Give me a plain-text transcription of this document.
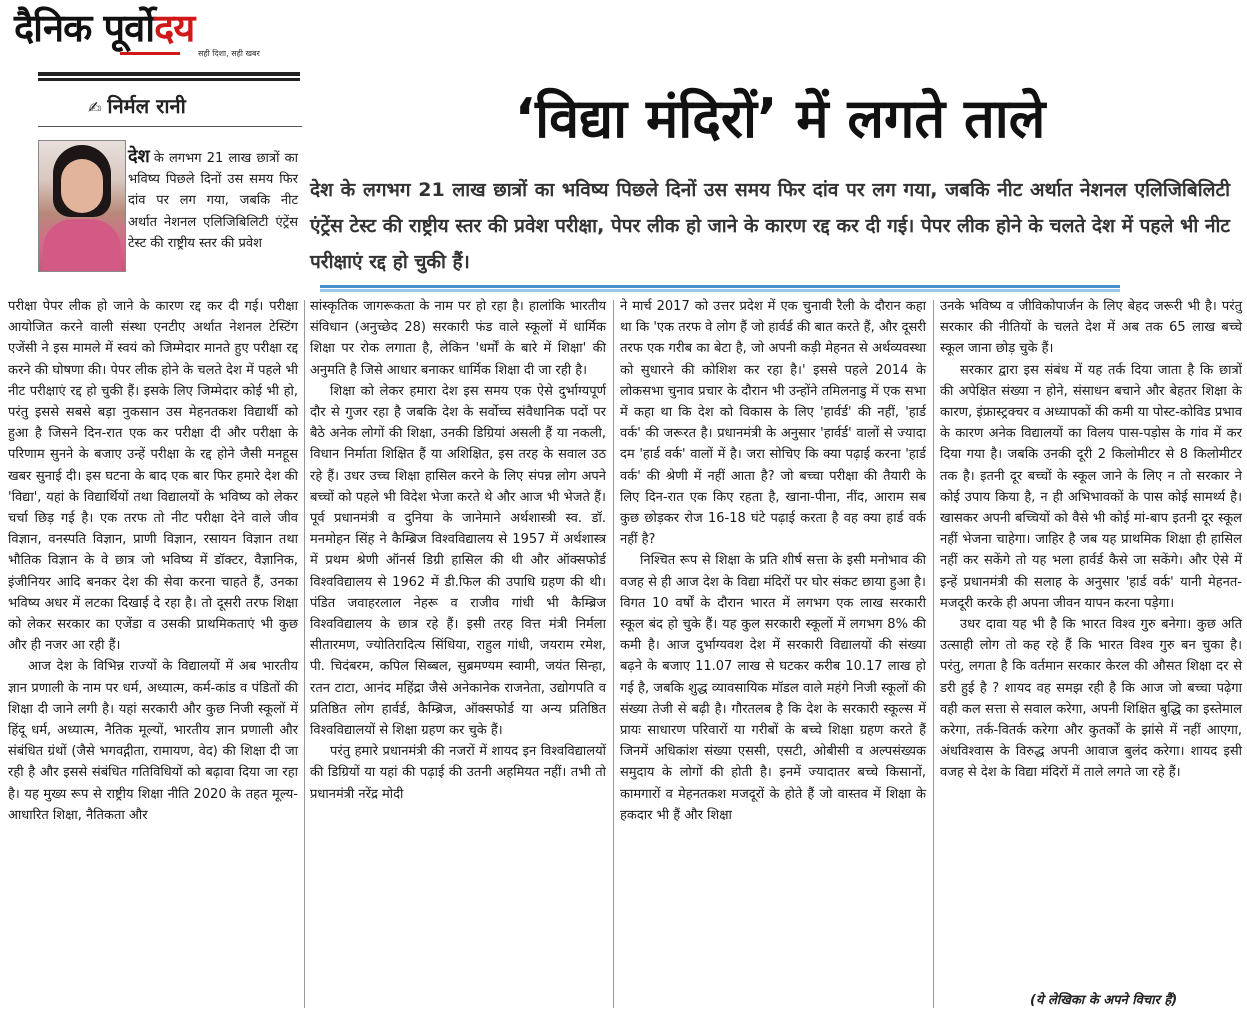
दैनिक पूर्वोदय
सही दिशा, सही खबर
✍ निर्मल रानी
देश के लगभग 21 लाख छात्रों का भविष्य पिछले दिनों उस समय फिर दांव पर लग गया, जबकि नीट अर्थात नेशनल एलिजिबिलिटी एंट्रेंस टेस्ट की राष्ट्रीय स्तर की प्रवेश
‘विद्या मंदिरों’ में लगते ताले
देश के लगभग 21 लाख छात्रों का भविष्य पिछले दिनों उस समय फिर दांव पर लग गया, जबकि नीट अर्थात नेशनल एलिजिबिलिटी एंट्रेंस टेस्ट की राष्ट्रीय स्तर की प्रवेश परीक्षा, पेपर लीक हो जाने के कारण रद्द कर दी गई। पेपर लीक होने के चलते देश में पहले भी नीट परीक्षाएं रद्द हो चुकी हैं।

परीक्षा पेपर लीक हो जाने के कारण रद्द कर दी गई। परीक्षा आयोजित करने वाली संस्था एनटीए अर्थात नेशनल टेस्टिंग एजेंसी ने इस मामले में स्वयं को जिम्मेदार मानते हुए परीक्षा रद्द करने की घोषणा की। पेपर लीक होने के चलते देश में पहले भी नीट परीक्षाएं रद्द हो चुकी हैं। इसके लिए जिम्मेदार कोई भी हो, परंतु इससे सबसे बड़ा नुकसान उस मेहनतकश विद्यार्थी को हुआ है जिसने दिन-रात एक कर परीक्षा दी और परीक्षा के परिणाम सुनने के बजाए उन्हें परीक्षा के रद्द होने जैसी मनहूस खबर सुनाई दी। इस घटना के बाद एक बार फिर हमारे देश की 'विद्या', यहां के विद्यार्थियों तथा विद्यालयों के भविष्य को लेकर चर्चा छिड़ गई है। एक तरफ तो नीट परीक्षा देने वाले जीव विज्ञान, वनस्पति विज्ञान, प्राणी विज्ञान, रसायन विज्ञान तथा भौतिक विज्ञान के वे छात्र जो भविष्य में डॉक्टर, वैज्ञानिक, इंजीनियर आदि बनकर देश की सेवा करना चाहते हैं, उनका भविष्य अधर में लटका दिखाई दे रहा है। तो दूसरी तरफ शिक्षा को लेकर सरकार का एजेंडा व उसकी प्राथमिकताएं भी कुछ और ही नजर आ रही हैं।

आज देश के विभिन्न राज्यों के विद्यालयों में अब भारतीय ज्ञान प्रणाली के नाम पर धर्म, अध्यात्म, कर्म-कांड व पंडितों की शिक्षा दी जाने लगी है। यहां सरकारी और कुछ निजी स्कूलों में हिंदू धर्म, अध्यात्म, नैतिक मूल्यों, भारतीय ज्ञान प्रणाली और संबंधित ग्रंथों (जैसे भगवद्गीता, रामायण, वेद) की शिक्षा दी जा रही है और इससे संबंधित गतिविधियों को बढ़ावा दिया जा रहा है। यह मुख्य रूप से राष्ट्रीय शिक्षा नीति 2020 के तहत मूल्य-आधारित शिक्षा, नैतिकता और

सांस्कृतिक जागरूकता के नाम पर हो रहा है। हालांकि भारतीय संविधान (अनुच्छेद 28) सरकारी फंड वाले स्कूलों में धार्मिक शिक्षा पर रोक लगाता है, लेकिन 'धर्मों के बारे में शिक्षा' की अनुमति है जिसे आधार बनाकर धार्मिक शिक्षा दी जा रही है।

शिक्षा को लेकर हमारा देश इस समय एक ऐसे दुर्भाग्यपूर्ण दौर से गुजर रहा है जबकि देश के सर्वोच्च संवैधानिक पदों पर बैठे अनेक लोगों की शिक्षा, उनकी डिग्रियां असली हैं या नकली, विधान निर्माता शिक्षित हैं या अशिक्षित, इस तरह के सवाल उठ रहे हैं। उधर उच्च शिक्षा हासिल करने के लिए संपन्न लोग अपने बच्चों को पहले भी विदेश भेजा करते थे और आज भी भेजते हैं। पूर्व प्रधानमंत्री व दुनिया के जानेमाने अर्थशास्त्री स्व. डॉ. मनमोहन सिंह ने कैम्ब्रिज विश्वविद्यालय से 1957 में अर्थशास्त्र में प्रथम श्रेणी ऑनर्स डिग्री हासिल की थी और ऑक्सफोर्ड विश्वविद्यालय से 1962 में डी.फिल की उपाधि ग्रहण की थी। पंडित जवाहरलाल नेहरू व राजीव गांधी भी कैम्ब्रिज विश्वविद्यालय के छात्र रहे हैं। इसी तरह वित्त मंत्री निर्मला सीतारमण, ज्योतिरादित्य सिंधिया, राहुल गांधी, जयराम रमेश, पी. चिदंबरम, कपिल सिब्बल, सुब्रमण्यम स्वामी, जयंत सिन्हा, रतन टाटा, आनंद महिंद्रा जैसे अनेकानेक राजनेता, उद्योगपति व प्रतिष्ठित लोग हार्वर्ड, कैम्ब्रिज, ऑक्सफोर्ड या अन्य प्रतिष्ठित विश्वविद्यालयों से शिक्षा ग्रहण कर चुके हैं।

परंतु हमारे प्रधानमंत्री की नजरों में शायद इन विश्वविद्यालयों की डिग्रियों या यहां की पढ़ाई की उतनी अहमियत नहीं। तभी तो प्रधानमंत्री नरेंद्र मोदी

ने मार्च 2017 को उत्तर प्रदेश में एक चुनावी रैली के दौरान कहा था कि 'एक तरफ वे लोग हैं जो हार्वर्ड की बात करते हैं, और दूसरी तरफ एक गरीब का बेटा है, जो अपनी कड़ी मेहनत से अर्थव्यवस्था को सुधारने की कोशिश कर रहा है।' इससे पहले 2014 के लोकसभा चुनाव प्रचार के दौरान भी उन्होंने तमिलनाडु में एक सभा में कहा था कि देश को विकास के लिए 'हार्वर्ड' की नहीं, 'हार्ड वर्क' की जरूरत है। प्रधानमंत्री के अनुसार 'हार्वर्ड' वालों से ज्यादा दम 'हार्ड वर्क' वालों में है। जरा सोचिए कि क्या पढ़ाई करना 'हार्ड वर्क' की श्रेणी में नहीं आता है? जो बच्चा परीक्षा की तैयारी के लिए दिन-रात एक किए रहता है, खाना-पीना, नींद, आराम सब कुछ छोड़कर रोज 16-18 घंटे पढ़ाई करता है वह क्या हार्ड वर्क नहीं है?

निश्चित रूप से शिक्षा के प्रति शीर्ष सत्ता के इसी मनोभाव की वजह से ही आज देश के विद्या मंदिरों पर घोर संकट छाया हुआ है। विगत 10 वर्षों के दौरान भारत में लगभग एक लाख सरकारी स्कूल बंद हो चुके हैं। यह कुल सरकारी स्कूलों में लगभग 8% की कमी है। आज दुर्भाग्यवश देश में सरकारी विद्यालयों की संख्या बढ़ने के बजाए 11.07 लाख से घटकर करीब 10.17 लाख हो गई है, जबकि शुद्ध व्यावसायिक मॉडल वाले महंगे निजी स्कूलों की संख्या तेजी से बढ़ी है। गौरतलब है कि देश के सरकारी स्कूल्स में प्रायः साधारण परिवारों या गरीबों के बच्चे शिक्षा ग्रहण करते हैं जिनमें अधिकांश संख्या एससी, एसटी, ओबीसी व अल्पसंख्यक समुदाय के लोगों की होती है। इनमें ज्यादातर बच्चे किसानों, कामगारों व मेहनतकश मजदूरों के होते हैं जो वास्तव में शिक्षा के हकदार भी हैं और शिक्षा

उनके भविष्य व जीविकोपार्जन के लिए बेहद जरूरी भी है। परंतु सरकार की नीतियों के चलते देश में अब तक 65 लाख बच्चे स्कूल जाना छोड़ चुके हैं।

सरकार द्वारा इस संबंध में यह तर्क दिया जाता है कि छात्रों की अपेक्षित संख्या न होने, संसाधन बचाने और बेहतर शिक्षा के कारण, इंफ्रास्ट्रक्चर व अध्यापकों की कमी या पोस्ट-कोविड प्रभाव के कारण अनेक विद्यालयों का विलय पास-पड़ोस के गांव में कर दिया गया है। जबकि उनकी दूरी 2 किलोमीटर से 8 किलोमीटर तक है। इतनी दूर बच्चों के स्कूल जाने के लिए न तो सरकार ने कोई उपाय किया है, न ही अभिभावकों के पास कोई सामर्थ्य है। खासकर अपनी बच्चियों को वैसे भी कोई मां-बाप इतनी दूर स्कूल नहीं भेजना चाहेगा। जाहिर है जब यह प्राथमिक शिक्षा ही हासिल नहीं कर सकेंगे तो यह भला हार्वर्ड कैसे जा सकेंगे। और ऐसे में इन्हें प्रधानमंत्री की सलाह के अनुसार 'हार्ड वर्क' यानी मेहनत-मजदूरी करके ही अपना जीवन यापन करना पड़ेगा।

उधर दावा यह भी है कि भारत विश्व गुरु बनेगा। कुछ अति उत्साही लोग तो कह रहे हैं कि भारत विश्व गुरु बन चुका है। परंतु, लगता है कि वर्तमान सरकार केरल की औसत शिक्षा दर से डरी हुई है ? शायद वह समझ रही है कि आज जो बच्चा पढ़ेगा वही कल सत्ता से सवाल करेगा, अपनी शिक्षित बुद्धि का इस्तेमाल करेगा, तर्क-वितर्क करेगा और कुतर्कों के झांसे में नहीं आएगा, अंधविश्वास के विरुद्ध अपनी आवाज बुलंद करेगा। शायद इसी वजह से देश के विद्या मंदिरों में ताले लगते जा रहे हैं।

(ये लेखिका के अपने विचार हैं)
